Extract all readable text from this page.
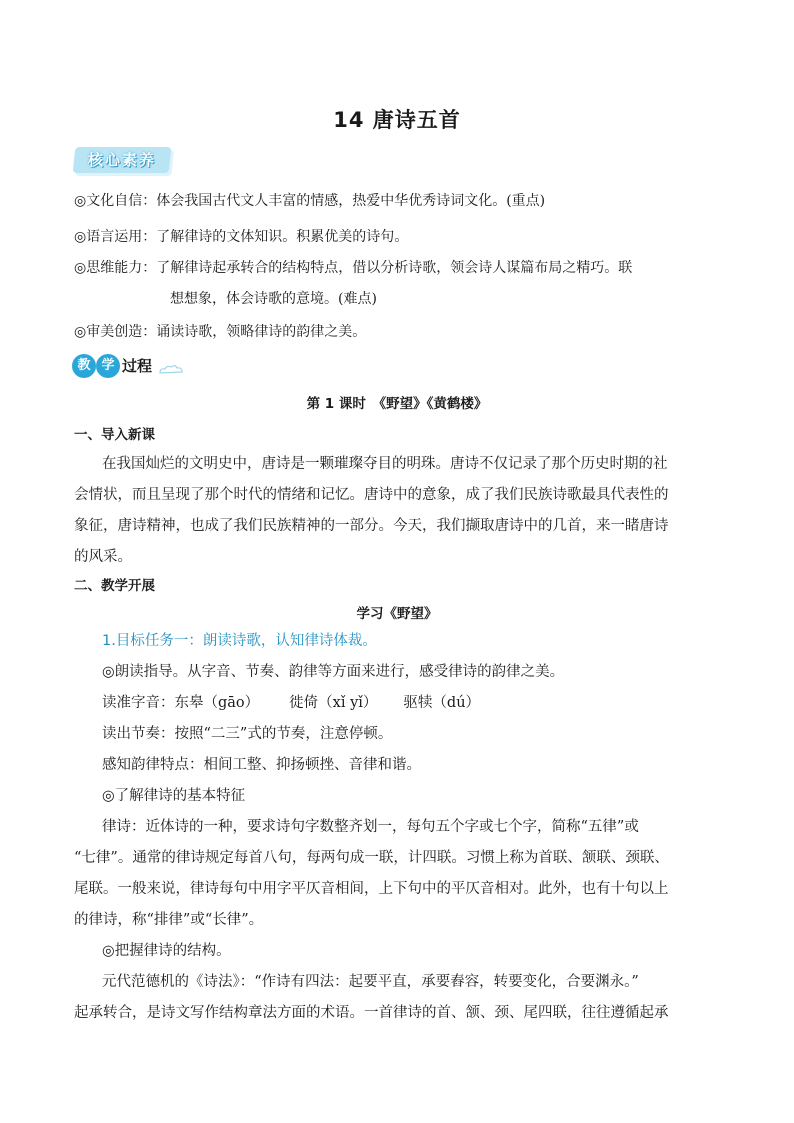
14 唐诗五首
核心素养
◎文化自信：体会我国古代文人丰富的情感，热爱中华优秀诗词文化。(重点)
◎语言运用：了解律诗的文体知识。积累优美的诗句。
◎思维能力：了解律诗起承转合的结构特点，借以分析诗歌，领会诗人谋篇布局之精巧。联
想想象，体会诗歌的意境。(难点)
◎审美创造：诵读诗歌，领略律诗的韵律之美。
教 学 过程
第 1 课时　《野望》《黄鹤楼》
一、导入新课
在我国灿烂的文明史中，唐诗是一颗璀璨夺目的明珠。唐诗不仅记录了那个历史时期的社
会情状，而且呈现了那个时代的情绪和记忆。唐诗中的意象，成了我们民族诗歌最具代表性的
象征，唐诗精神，也成了我们民族精神的一部分。今天，我们撷取唐诗中的几首，来一睹唐诗
的风采。
二、教学开展
学习《野望》
1.目标任务一：朗读诗歌，认知律诗体裁。
◎朗读指导。从字音、节奏、韵律等方面来进行，感受律诗的韵律之美。
读准字音：东皋（gāo） 徙倚（xǐ yǐ） 驱犊（dú）
读出节奏：按照“二三”式的节奏，注意停顿。
感知韵律特点：相间工整、抑扬顿挫、音律和谐。
◎了解律诗的基本特征
律诗：近体诗的一种，要求诗句字数整齐划一，每句五个字或七个字，简称“五律”或
“七律”。通常的律诗规定每首八句，每两句成一联，计四联。习惯上称为首联、颔联、颈联、
尾联。一般来说，律诗每句中用字平仄音相间，上下句中的平仄音相对。此外，也有十句以上
的律诗，称“排律”或“长律”。
◎把握律诗的结构。
元代范德机的《诗法》：“作诗有四法：起要平直，承要舂容，转要变化，合要渊永。”
起承转合，是诗文写作结构章法方面的术语。一首律诗的首、颔、颈、尾四联，往往遵循起承
